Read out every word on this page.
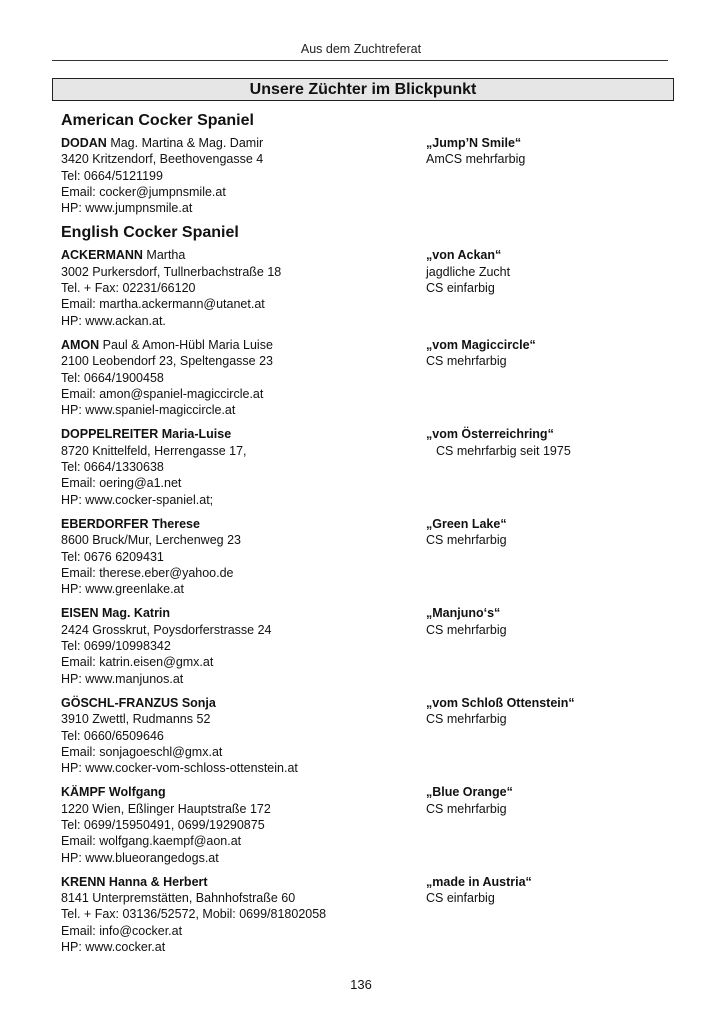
Aus dem Zuchtreferat
Unsere Züchter im Blickpunkt
American Cocker Spaniel
DODAN Mag. Martina & Mag. Damir
3420 Kritzendorf, Beethovengasse 4
Tel: 0664/5121199
Email: cocker@jumpnsmile.at
HP: www.jumpnsmile.at
„Jump’N Smile“
AmCS mehrfarbig
English Cocker Spaniel
ACKERMANN Martha
3002 Purkersdorf, Tullnerbachstraße 18
Tel. + Fax: 02231/66120
Email: martha.ackermann@utanet.at
HP: www.ackan.at.
„von Ackan“
jagdliche Zucht
CS einfarbig
AMON Paul & Amon-Hübl Maria Luise
2100 Leobendorf 23, Speltengasse 23
Tel: 0664/1900458
Email: amon@spaniel-magiccircle.at
HP: www.spaniel-magiccircle.at
„vom Magiccircle“
CS mehrfarbig
DOPPELREITER Maria-Luise
8720 Knittelfeld, Herrengasse 17,
Tel: 0664/1330638
Email: oering@a1.net
HP: www.cocker-spaniel.at;
„vom Österreichring“
CS mehrfarbig seit 1975
EBERDORFER Therese
8600 Bruck/Mur, Lerchenweg 23
Tel: 0676 6209431
Email: therese.eber@yahoo.de
HP: www.greenlake.at
„Green Lake“
CS mehrfarbig
EISEN Mag. Katrin
2424 Grosskrut, Poysdorferstrasse 24
Tel: 0699/10998342
Email: katrin.eisen@gmx.at
HP: www.manjunos.at
„Manjuno‘s“
CS mehrfarbig
GÖSCHL-FRANZUS Sonja
3910 Zwettl, Rudmanns 52
Tel: 0660/6509646
Email: sonjagoeschl@gmx.at
HP: www.cocker-vom-schloss-ottenstein.at
„vom Schloß Ottenstein“
CS mehrfarbig
KÄMPF Wolfgang
1220 Wien, Eßlinger Hauptstraße 172
Tel: 0699/15950491, 0699/19290875
Email: wolfgang.kaempf@aon.at
HP: www.blueorangedogs.at
„Blue Orange“
CS mehrfarbig
KRENN Hanna & Herbert
8141 Unterpremstätten, Bahnhofstraße 60
Tel. + Fax: 03136/52572, Mobil: 0699/81802058
Email: info@cocker.at
HP: www.cocker.at
„made in Austria“
CS einfarbig
136
